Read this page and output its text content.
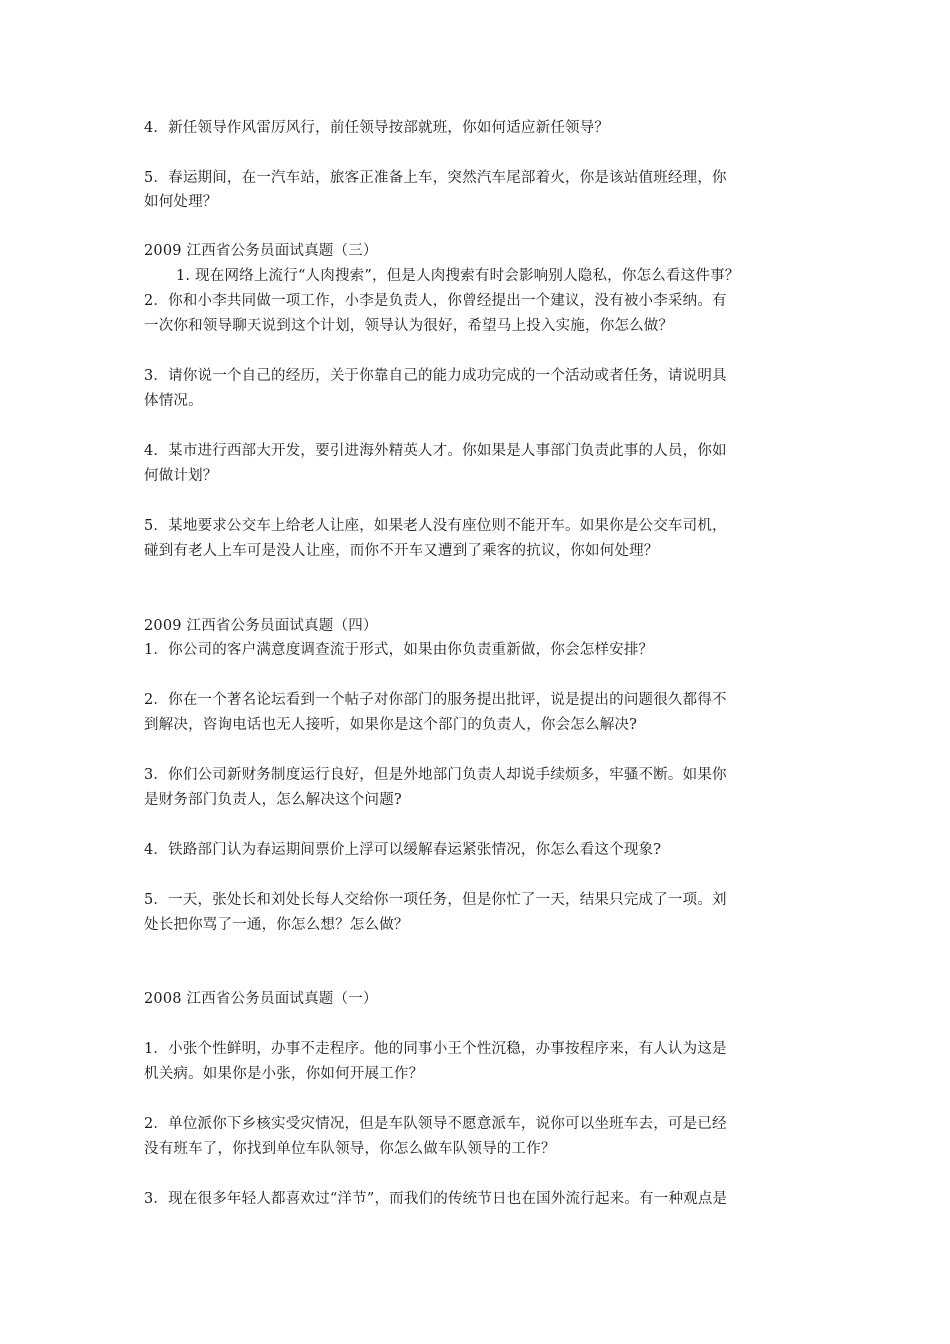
4．新任领导作风雷厉风行，前任领导按部就班，你如何适应新任领导？
5．春运期间，在一汽车站，旅客正准备上车，突然汽车尾部着火，你是该站值班经理，你
如何处理？
2009 江西省公务员面试真题（三）
1. 现在网络上流行“人肉搜索”，但是人肉搜索有时会影响别人隐私，你怎么看这件事？
2．你和小李共同做一项工作，小李是负责人，你曾经提出一个建议，没有被小李采纳。有
一次你和领导聊天说到这个计划，领导认为很好，希望马上投入实施，你怎么做？
3．请你说一个自己的经历，关于你靠自己的能力成功完成的一个活动或者任务，请说明具
体情况。
4．某市进行西部大开发，要引进海外精英人才。你如果是人事部门负责此事的人员，你如
何做计划？
5．某地要求公交车上给老人让座，如果老人没有座位则不能开车。如果你是公交车司机，
碰到有老人上车可是没人让座，而你不开车又遭到了乘客的抗议，你如何处理？
2009 江西省公务员面试真题（四）
1．你公司的客户满意度调查流于形式，如果由你负责重新做，你会怎样安排？
2．你在一个著名论坛看到一个帖子对你部门的服务提出批评，说是提出的问题很久都得不
到解决，咨询电话也无人接听，如果你是这个部门的负责人，你会怎么解决?
3．你们公司新财务制度运行良好，但是外地部门负责人却说手续烦多，牢骚不断。如果你
是财务部门负责人，怎么解决这个问题?
4．铁路部门认为春运期间票价上浮可以缓解春运紧张情况，你怎么看这个现象?
5．一天，张处长和刘处长每人交给你一项任务，但是你忙了一天，结果只完成了一项。刘
处长把你骂了一通，你怎么想？怎么做？
2008 江西省公务员面试真题（一）
1．小张个性鲜明，办事不走程序。他的同事小王个性沉稳，办事按程序来，有人认为这是
机关病。如果你是小张，你如何开展工作？
2．单位派你下乡核实受灾情况，但是车队领导不愿意派车，说你可以坐班车去，可是已经
没有班车了，你找到单位车队领导，你怎么做车队领导的工作？
3．现在很多年轻人都喜欢过“洋节”，而我们的传统节日也在国外流行起来。有一种观点是
